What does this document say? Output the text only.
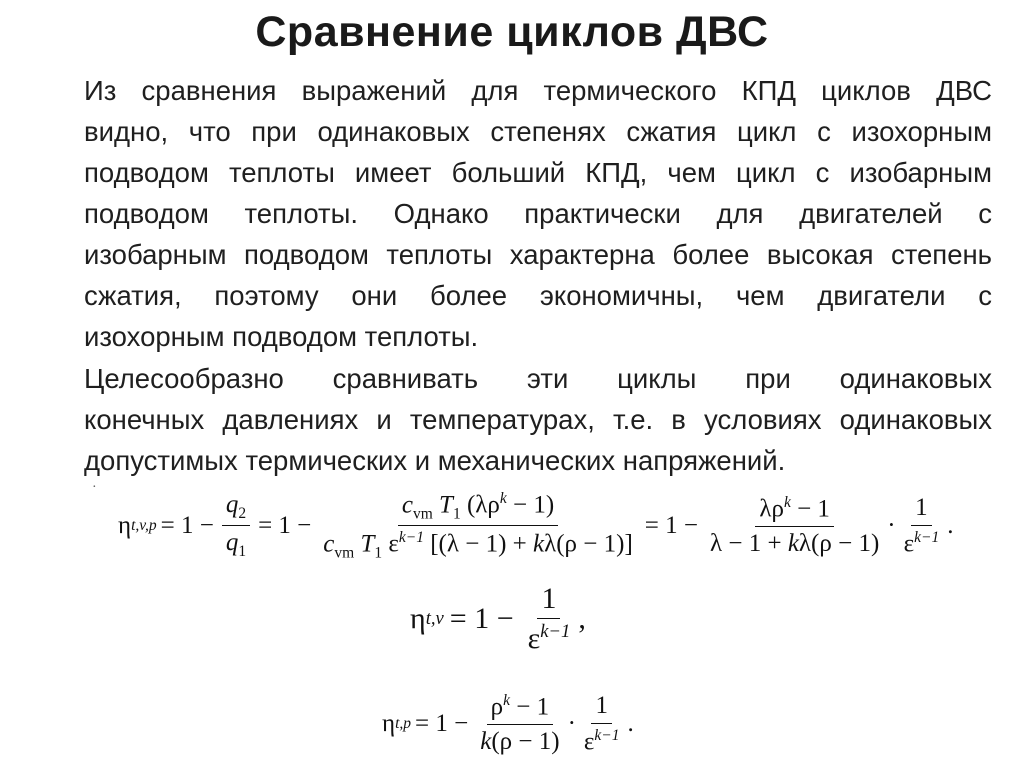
Сравнение циклов ДВС
Из сравнения выражений для термического КПД циклов ДВС
видно, что при одинаковых степенях сжатия цикл с изохорным
подводом теплоты имеет больший КПД, чем цикл с изобарным
подводом теплоты. Однако практически для двигателей с
изобарным подводом теплоты характерна более высокая степень
сжатия, поэтому они более экономичны, чем двигатели с
изохорным подводом теплоты.
Целесообразно сравнивать эти циклы при одинаковых
конечных давлениях и температурах, т.е. в условиях одинаковых
допустимых термических и механических напряжений.
·
η $t,v,p = 1 - \frac{q_2}{q_1} = 1 - \frac{c_{vm} T_1 (\lambda\rho^k - 1)}{c_{vm} T_1 \varepsilon^{k-1} [(\lambda - 1) + k\lambda(\rho - 1)]} = 1 - \frac{\lambda\rho^k - 1}{\lambda - 1 + k\lambda(\rho - 1)} \cdot \frac{1}{\varepsilon^{k-1}}$ .
η $t,v = 1 - \frac{1}{\varepsilon^{k-1}}$ ,
η $t,p = 1 - \frac{\rho^k - 1}{k(\rho - 1)} \cdot \frac{1}{\varepsilon^{k-1}}$ .
